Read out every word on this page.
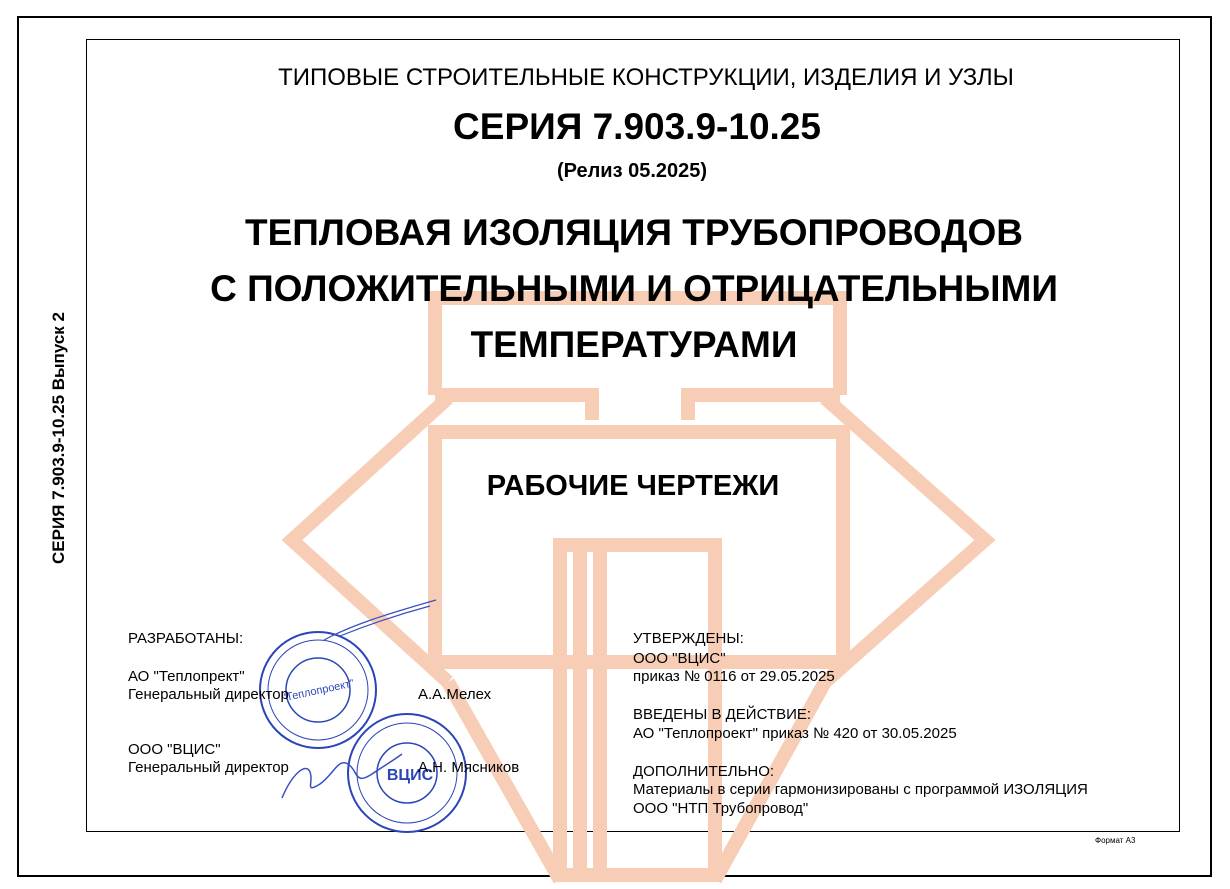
СЕРИЯ 7.903.9-10.25 Выпуск 2
ТИПОВЫЕ СТРОИТЕЛЬНЫЕ КОНСТРУКЦИИ, ИЗДЕЛИЯ И УЗЛЫ
СЕРИЯ 7.903.9-10.25
(Релиз 05.2025)
ТЕПЛОВАЯ ИЗОЛЯЦИЯ ТРУБОПРОВОДОВ
С ПОЛОЖИТЕЛЬНЫМИ И ОТРИЦАТЕЛЬНЫМИ
ТЕМПЕРАТУРАМИ
РАБОЧИЕ ЧЕРТЕЖИ
"Теплопроект"
ВЦИС
РАЗРАБОТАНЫ:
АО "Теплопрект"
Генеральный директор	А.А.Мелех
ООО "ВЦИС"
Генеральный директор	А.Н. Мясников
УТВЕРЖДЕНЫ:
ООО "ВЦИС"
приказ № 0116 от 29.05.2025
ВВЕДЕНЫ В ДЕЙСТВИЕ:
АО "Теплопроект" приказ № 420 от 30.05.2025
ДОПОЛНИТЕЛЬНО:
Материалы в серии гармонизированы с программой ИЗОЛЯЦИЯ
ООО "НТП Трубопровод"
Формат А3
